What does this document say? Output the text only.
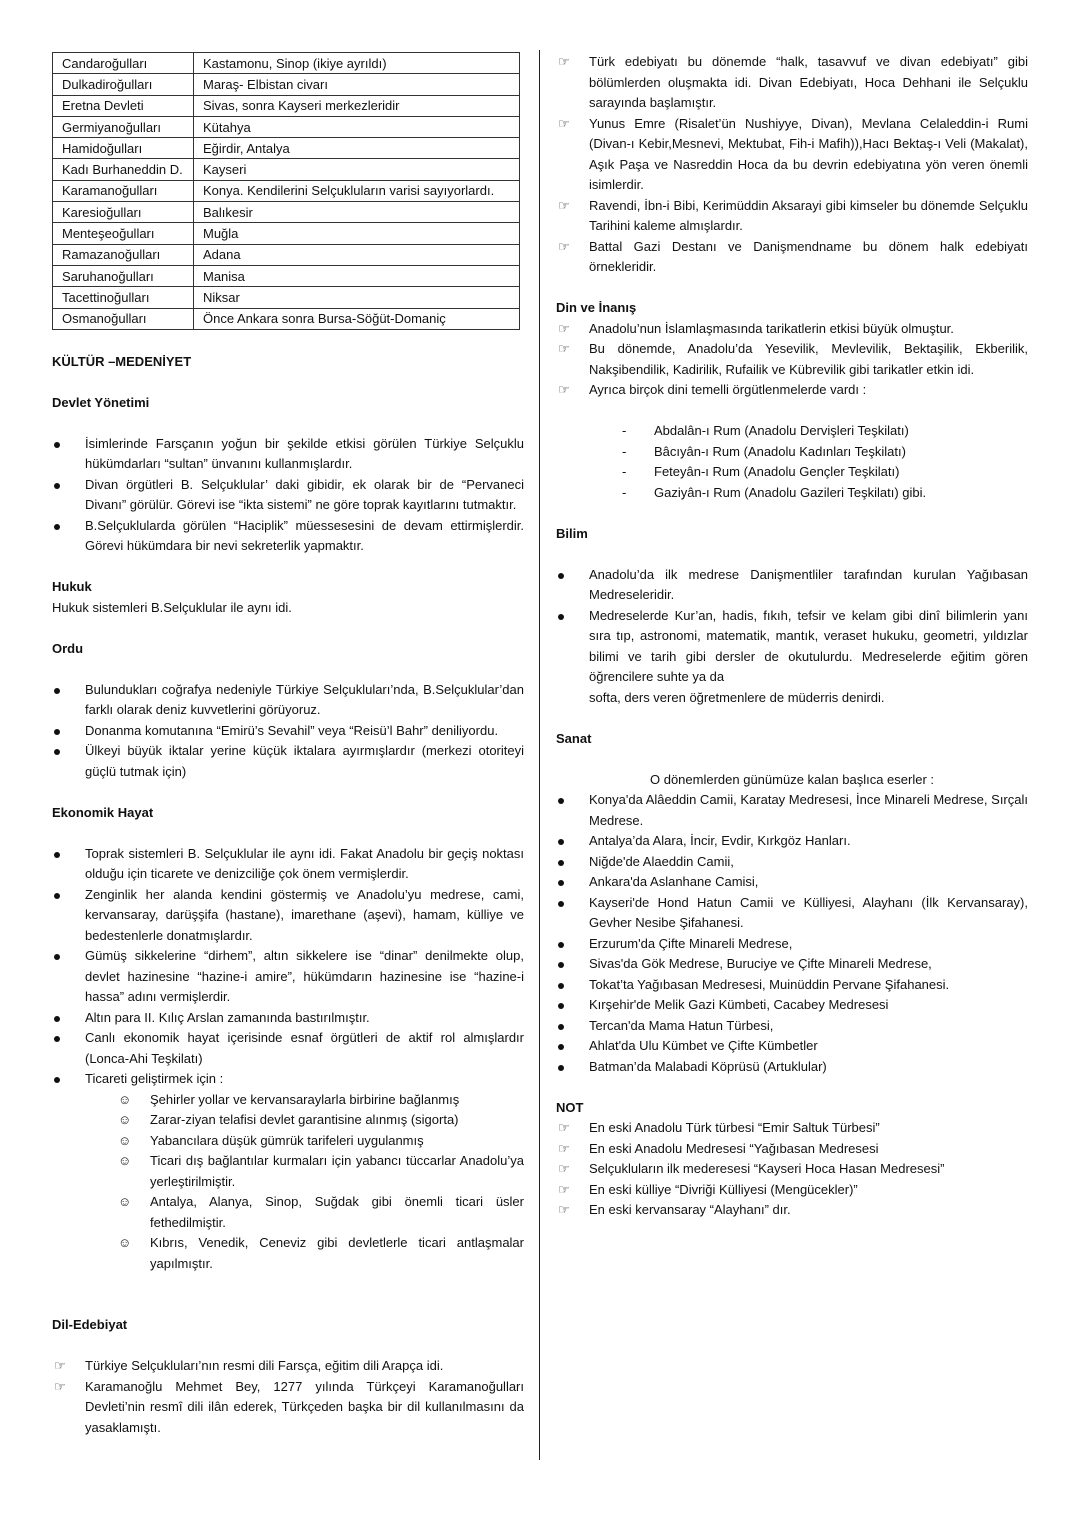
Candaroğulları	Kastamonu, Sinop (ikiye ayrıldı)
Dulkadiroğulları	Maraş- Elbistan civarı
Eretna Devleti	Sivas, sonra Kayseri merkezleridir
Germiyanoğulları	Kütahya
Hamidoğulları	Eğirdir, Antalya
Kadı Burhaneddin D.	Kayseri
Karamanoğulları	Konya. Kendilerini Selçukluların varisi sayıyorlardı.
Karesioğulları	Balıkesir
Menteşeoğulları	Muğla
Ramazanoğulları	Adana
Saruhanoğulları	Manisa
Tacettinoğulları	Niksar
Osmanoğulları	Önce Ankara sonra Bursa-Söğüt-Domaniç

KÜLTÜR –MEDENİYET

Devlet Yönetimi

İsimlerinde Farsçanın yoğun bir şekilde etkisi görülen Türkiye Selçuklu hükümdarları “sultan” ünvanını kullanmışlardır.
Divan örgütleri B. Selçuklular’ daki gibidir, ek olarak bir de “Pervaneci Divanı” görülür. Görevi ise “ikta sistemi” ne göre toprak kayıtlarını tutmaktır.
B.Selçuklularda görülen “Haciplik” müessesesini de devam ettirmişlerdir. Görevi hükümdara bir nevi sekreterlik yapmaktır.

Hukuk

Hukuk sistemleri B.Selçuklular ile aynı idi.

Ordu

Bulundukları coğrafya nedeniyle Türkiye Selçukluları’nda, B.Selçuklular’dan farklı olarak deniz kuvvetlerini görüyoruz.
Donanma komutanına “Emirü’s Sevahil” veya “Reisü’l Bahr” deniliyordu.
Ülkeyi büyük iktalar yerine küçük iktalara ayırmışlardır (merkezi otoriteyi güçlü tutmak için)

Ekonomik Hayat

Toprak sistemleri B. Selçuklular ile aynı idi. Fakat Anadolu bir geçiş noktası olduğu için ticarete ve denizciliğe çok önem vermişlerdir.
Zenginlik her alanda kendini göstermiş ve Anadolu’yu medrese, cami, kervansaray, darüşşifa (hastane), imarethane (aşevi), hamam, külliye ve bedestenlerle donatmışlardır.
Gümüş sikkelerine “dirhem”, altın sikkelere ise “dinar” denilmekte olup, devlet hazinesine “hazine-i amire”, hükümdarın hazinesine ise “hazine-i hassa” adını vermişlerdir.
Altın para II. Kılıç Arslan zamanında bastırılmıştır.
Canlı ekonomik hayat içerisinde esnaf örgütleri de aktif rol almışlardır (Lonca-Ahi Teşkilatı)
Ticareti geliştirmek için :
☺ Şehirler yollar ve kervansaraylarla birbirine bağlanmış
☺ Zarar-ziyan telafisi devlet garantisine alınmış (sigorta)
☺ Yabancılara düşük gümrük tarifeleri uygulanmış
☺ Ticari dış bağlantılar kurmaları için yabancı tüccarlar Anadolu’ya yerleştirilmiştir.
☺ Antalya, Alanya, Sinop, Suğdak gibi önemli ticari üsler fethedilmiştir.
☺ Kıbrıs, Venedik, Ceneviz gibi devletlerle ticari antlaşmalar yapılmıştır.

Dil-Edebiyat

☞ Türkiye Selçukluları’nın resmi dili Farsça, eğitim dili Arapça idi.
☞ Karamanoğlu Mehmet Bey, 1277 yılında Türkçeyi Karamanoğulları Devleti’nin resmî dili ilân ederek, Türkçeden başka bir dil kullanılmasını da yasaklamıştı.
☞ Türk edebiyatı bu dönemde “halk, tasavvuf ve divan edebiyatı” gibi bölümlerden oluşmakta idi. Divan Edebiyatı, Hoca Dehhani ile Selçuklu sarayında başlamıştır.
☞ Yunus Emre (Risalet’ün Nushiyye, Divan), Mevlana Celaleddin-i Rumi (Divan-ı Kebir,Mesnevi, Mektubat, Fih-i Mafih)),Hacı Bektaş-ı Veli (Makalat), Aşık Paşa ve Nasreddin Hoca da bu devrin edebiyatına yön veren önemli isimlerdir.
☞ Ravendi, İbn-i Bibi, Kerimüddin Aksarayi gibi kimseler bu dönemde Selçuklu Tarihini kaleme almışlardır.
☞ Battal Gazi Destanı ve Danişmendname bu dönem halk edebiyatı örnekleridir.

Din ve İnanış

☞ Anadolu’nun İslamlaşmasında tarikatlerin etkisi büyük olmuştur.
☞ Bu dönemde, Anadolu’da Yesevilik, Mevlevilik, Bektaşilik, Ekberilik, Nakşibendilik, Kadirilik, Rufailik ve Kübrevilik gibi tarikatler etkin idi.
☞ Ayrıca birçok dini temelli örgütlenmelerde vardı :
- Abdalân-ı Rum (Anadolu Dervişleri Teşkilatı)
- Bâcıyân-ı Rum (Anadolu Kadınları Teşkilatı)
- Feteyân-ı Rum (Anadolu Gençler Teşkilatı)
- Gaziyân-ı Rum (Anadolu Gazileri Teşkilatı) gibi.

Bilim

Anadolu’da ilk medrese Danişmentliler tarafından kurulan Yağıbasan Medreseleridir.
Medreselerde Kur’an, hadis, fıkıh, tefsir ve kelam gibi dinî bilimlerin yanı sıra tıp, astronomi, matematik, mantık, veraset hukuku, geometri, yıldızlar bilimi ve tarih gibi dersler de okutulurdu. Medreselerde eğitim gören öğrencilere suhte ya da

softa, ders veren öğretmenlere de müderris denirdi.

Sanat

O dönemlerden günümüze kalan başlıca eserler :

Konya'da Alâeddin Camii, Karatay Medresesi, İnce Minareli Medrese, Sırçalı Medrese.
Antalya’da Alara, İncir, Evdir, Kırkgöz Hanları.
Niğde'de Alaeddin Camii,
Ankara'da Aslanhane Camisi,
Kayseri'de Hond Hatun Camii ve Külliyesi, Alayhanı (İlk Kervansaray), Gevher Nesibe Şifahanesi.
Erzurum'da Çifte Minareli Medrese,
Sivas'da Gök Medrese, Buruciye ve Çifte Minareli Medrese,
Tokat’ta Yağıbasan Medresesi, Muinüddin Pervane Şifahanesi.
Kırşehir'de Melik Gazi Kümbeti, Cacabey Medresesi
Tercan'da Mama Hatun Türbesi,
Ahlat'da Ulu Kümbet ve Çifte Kümbetler
Batman’da Malabadi Köprüsü (Artuklular)

NOT

☞ En eski Anadolu Türk türbesi “Emir Saltuk Türbesi”
☞ En eski Anadolu Medresesi “Yağıbasan Medresesi
☞ Selçukluların ilk mederesesi “Kayseri Hoca Hasan Medresesi”
☞ En eski külliye “Divriği Külliyesi (Mengücekler)”
☞ En eski kervansaray “Alayhanı” dır.
